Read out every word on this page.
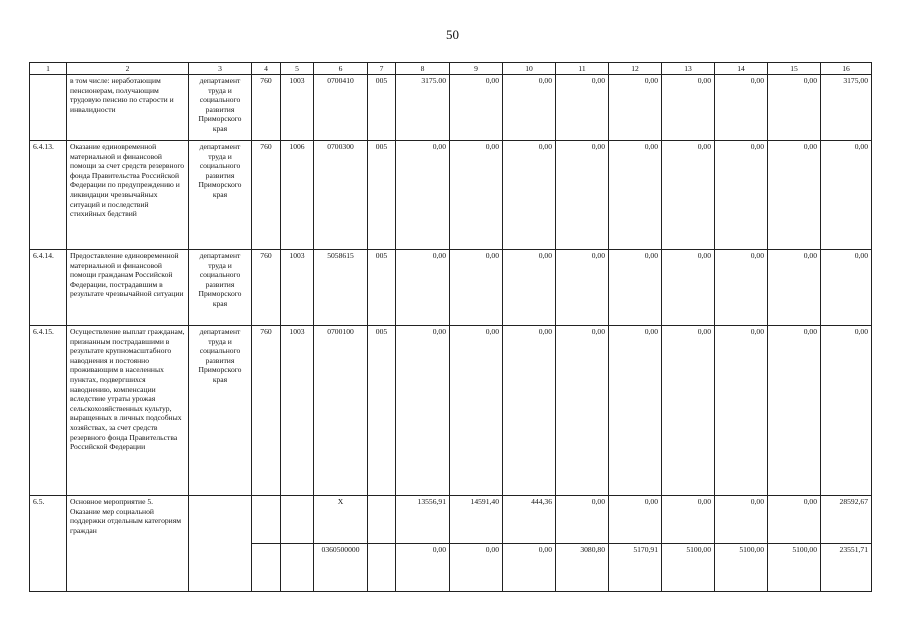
50
1	2	3	4	5	6	7	8	9	10	11	12	13	14	15	16
	в том числе: неработающим пенсионерам, получающим трудовую пенсию по старости и инвалидности	департамент труда и социального развития Приморского края	760	1003	0700410	005	3175.00	0,00	0,00	0,00	0,00	0,00	0,00	0,00	3175,00
6.4.13.	Оказание единовременной материальной и финансовой помощи за счет средств резервного фонда Правительства Российской Федерации по предупреждению и ликвидации чрезвычайных ситуаций и последствий стихийных бедствий	департамент труда и социального развития Приморского края	760	1006	0700300	005	0,00	0,00	0,00	0,00	0,00	0,00	0,00	0,00	0,00
6.4.14.	Предоставление единовременной материальной и финансовой помощи гражданам Российской Федерации, пострадавшим в результате чрезвычайной ситуации	департамент труда и социального развития Приморского края	760	1003	5058615	005	0,00	0,00	0,00	0,00	0,00	0,00	0,00	0,00	0,00
6.4.15.	Осуществление выплат гражданам, признанным пострадавшими в результате крупномасштабного наводнения и постоянно проживающим в населенных пунктах, подвергшихся наводнению, компенсации вследствие утраты урожая сельскохозяйственных культур, выращенных в личных подсобных хозяйствах, за счет средств резервного фонда Правительства Российской Федерации	департамент труда и социального развития Приморского края	760	1003	0700100	005	0,00	0,00	0,00	0,00	0,00	0,00	0,00	0,00	0,00
6.5.	Основное мероприятие 5. Оказание мер социальной поддержки отдельным категориям граждан				X		13556,91	14591,40	444,36	0,00	0,00	0,00	0,00	0,00	28592,67
					0360500000		0,00	0,00	0,00	3080,80	5170,91	5100,00	5100,00	5100,00	23551,71
